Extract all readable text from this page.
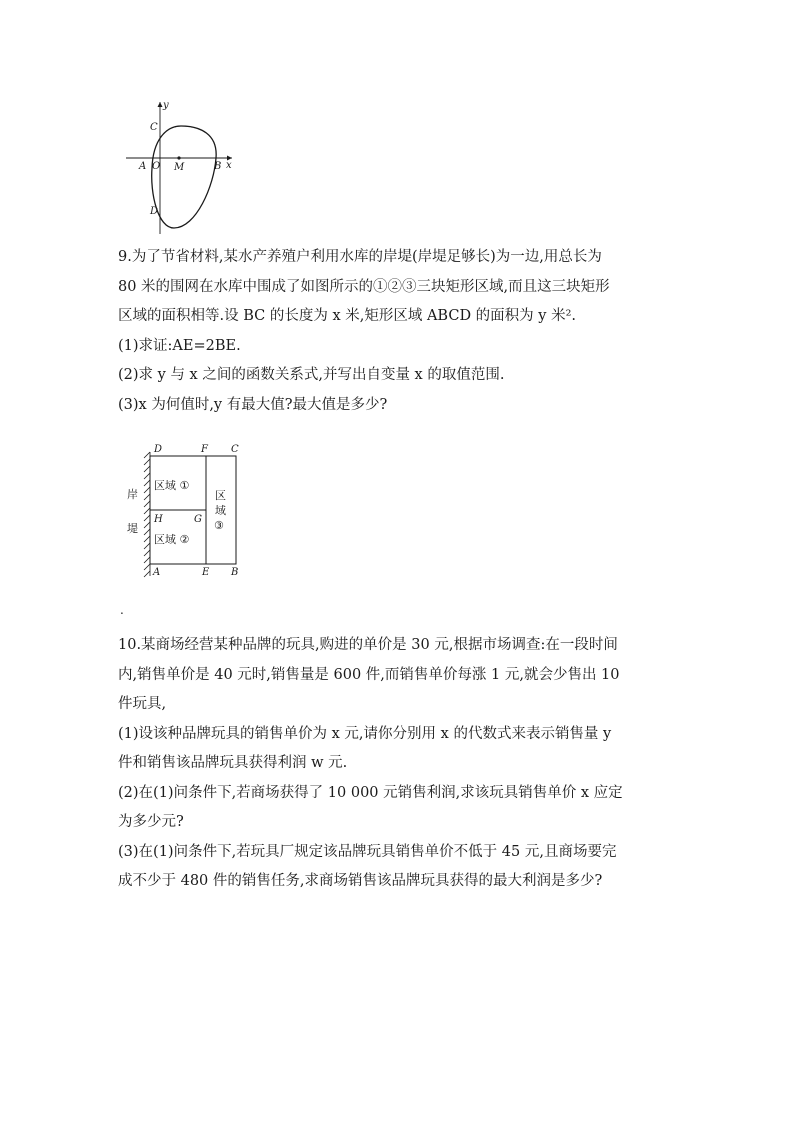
y
x
C
A O M	B
D
9.为了节省材料,某水产养殖户利用水库的岸堤(岸堤足够长)为一边,用总长为
80 米的围网在水库中围成了如图所示的①②③三块矩形区域,而且这三块矩形
区域的面积相等.设 BC 的长度为 x 米,矩形区域 ABCD 的面积为 y 米².
(1)求证:AE=2BE.
(2)求 y 与 x 之间的函数关系式,并写出自变量 x 的取值范围.
(3)x 为何值时,y 有最大值?最大值是多少?
岸
堤
D	F C
H	G
A	E B
区域 ①
区域 ②
区
域
③
.
10.某商场经营某种品牌的玩具,购进的单价是 30 元,根据市场调查:在一段时间
内,销售单价是 40 元时,销售量是 600 件,而销售单价每涨 1 元,就会少售出 10
件玩具,
(1)设该种品牌玩具的销售单价为 x 元,请你分别用 x 的代数式来表示销售量 y
件和销售该品牌玩具获得利润 w 元.
(2)在(1)问条件下,若商场获得了 10 000 元销售利润,求该玩具销售单价 x 应定
为多少元?
(3)在(1)问条件下,若玩具厂规定该品牌玩具销售单价不低于 45 元,且商场要完
成不少于 480 件的销售任务,求商场销售该品牌玩具获得的最大利润是多少?
